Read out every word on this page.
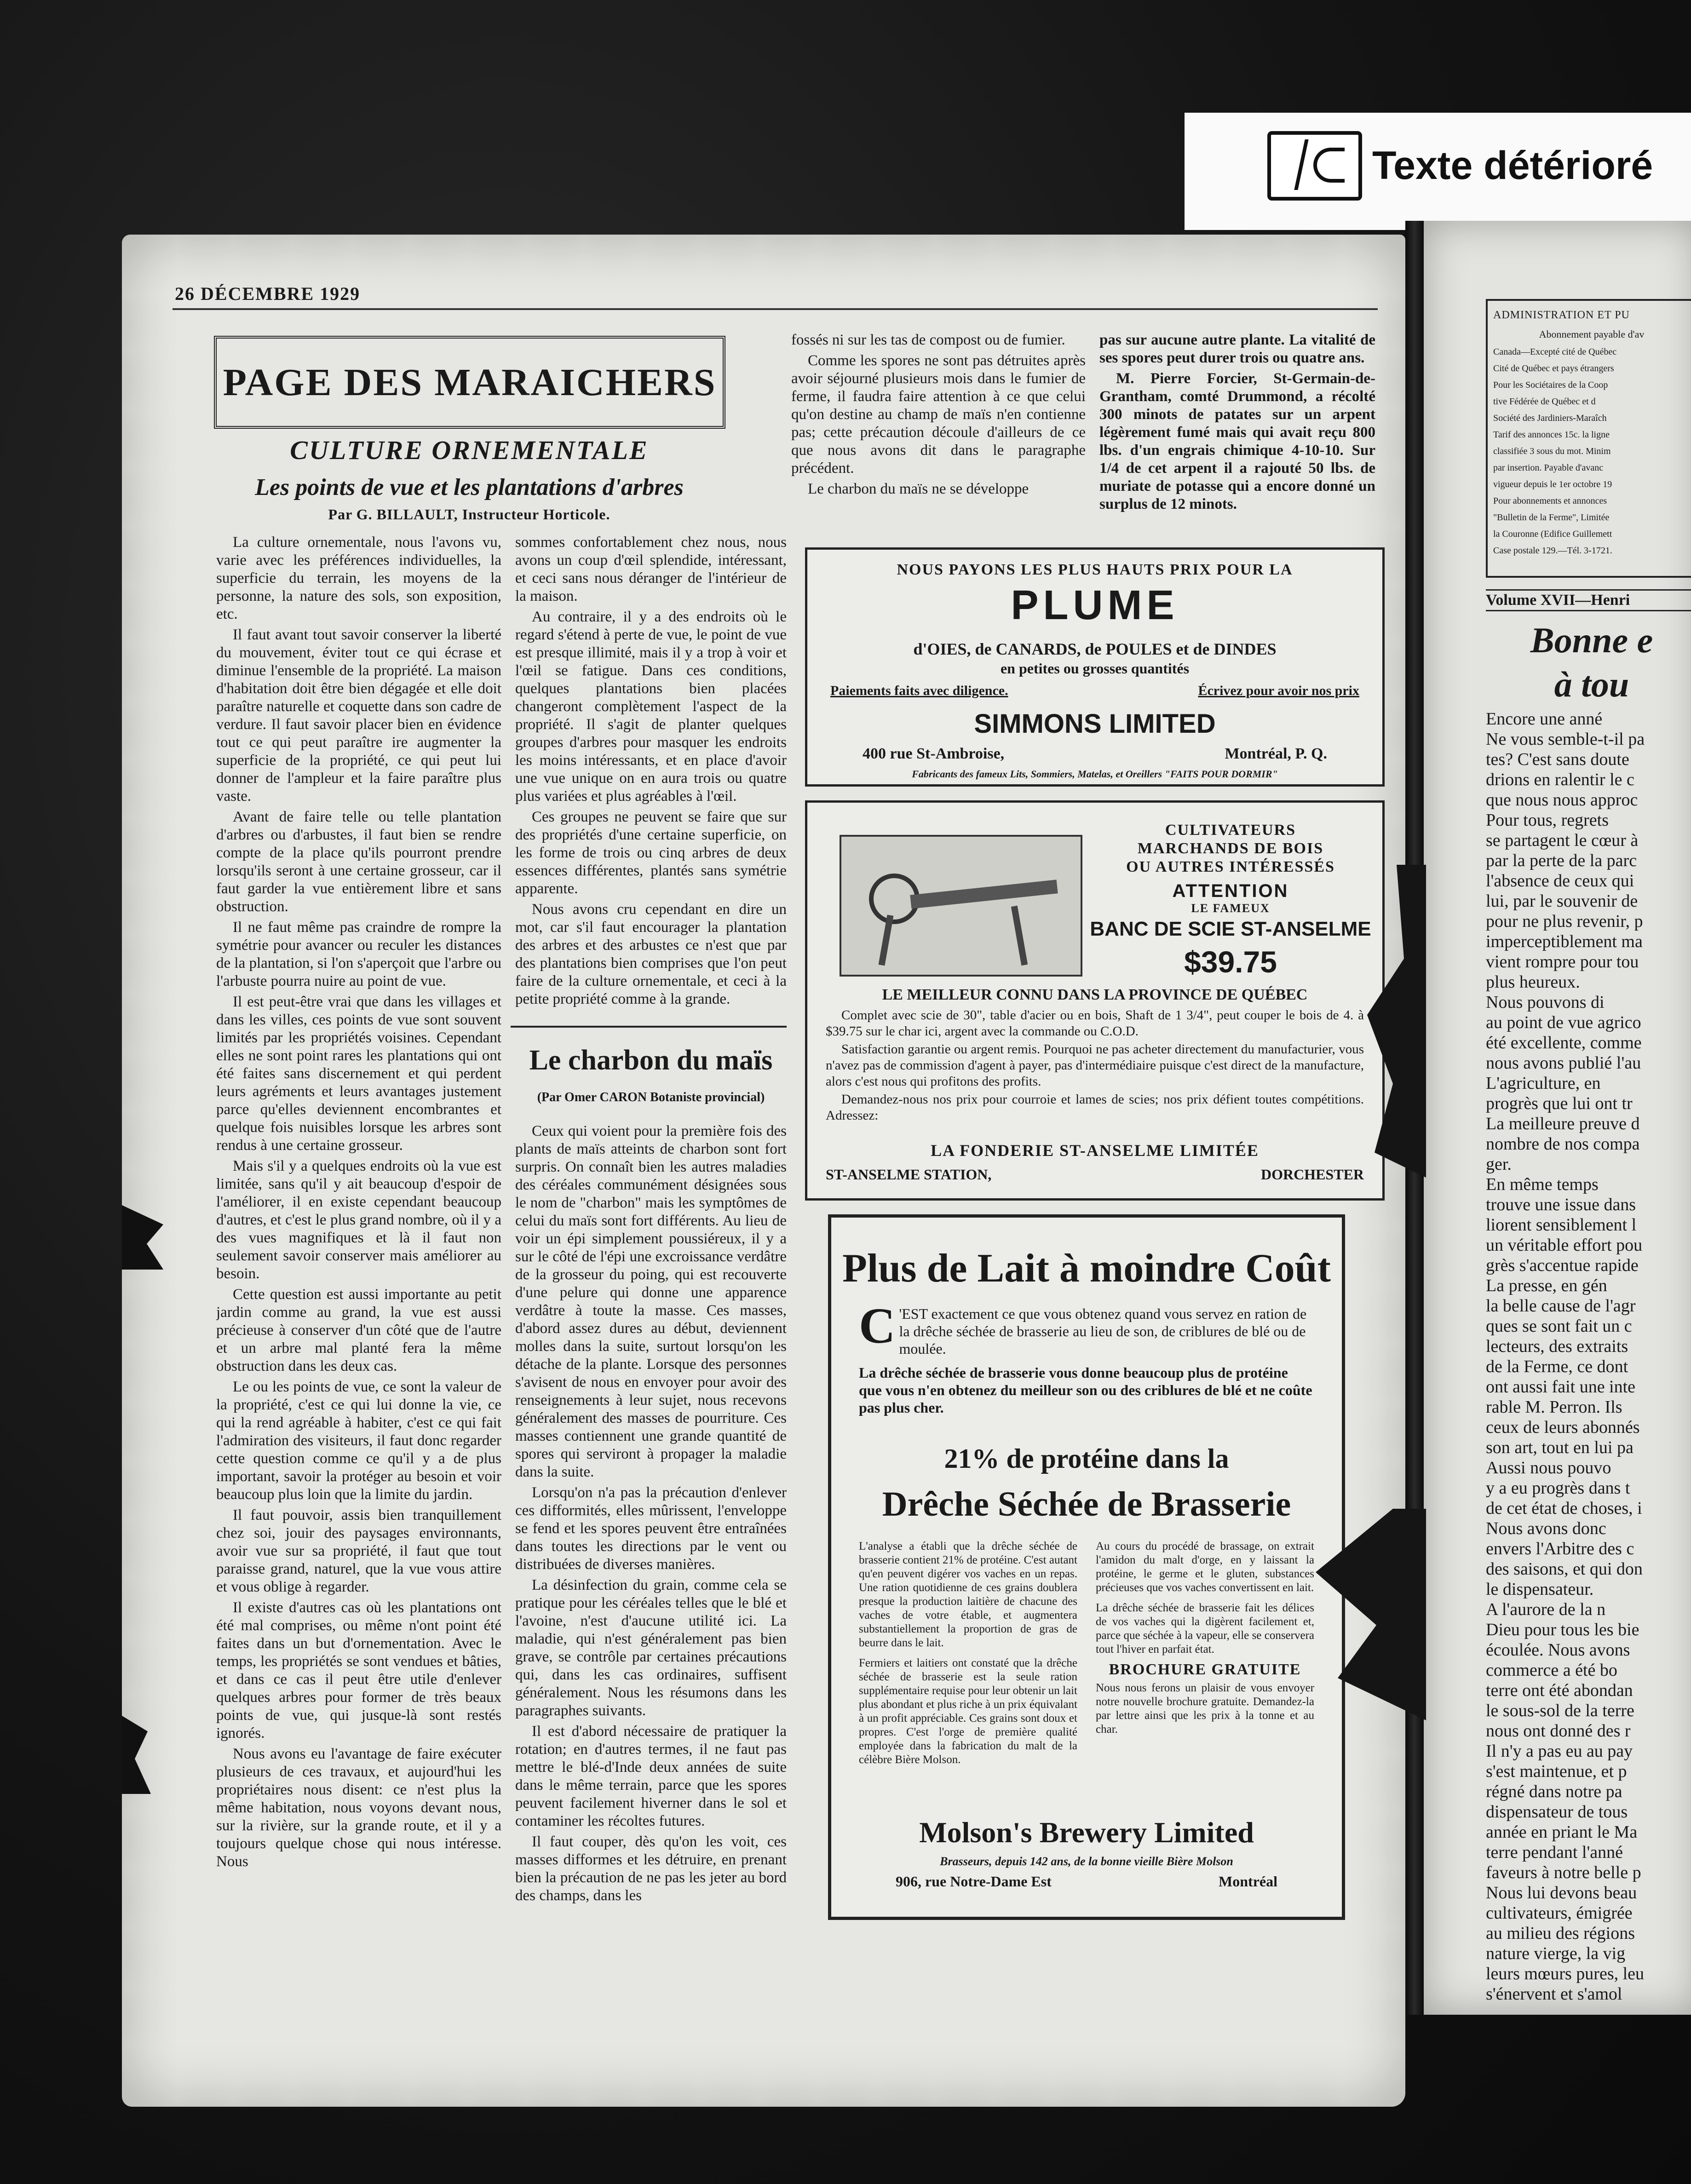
Texte détérioré
26 DÉCEMBRE 1929
PAGE DES MARAICHERS
CULTURE ORNEMENTALE
Les points de vue et les plantations d'arbres
Par G. BILLAULT, Instructeur Horticole.

La culture ornementale, nous l'avons vu, varie avec les préférences individuelles, la superficie du terrain, les moyens de la personne, la nature des sols, son exposition, etc.

Il faut avant tout savoir conserver la liberté du mouvement, éviter tout ce qui écrase et diminue l'ensemble de la propriété. La maison d'habitation doit être bien dégagée et elle doit paraître naturelle et coquette dans son cadre de verdure. Il faut savoir placer bien en évidence tout ce qui peut paraître ire augmenter la superficie de la propriété, ce qui peut lui donner de l'ampleur et la faire paraître plus vaste.

Avant de faire telle ou telle plantation d'arbres ou d'arbustes, il faut bien se rendre compte de la place qu'ils pourront prendre lorsqu'ils seront à une certaine grosseur, car il faut garder la vue entièrement libre et sans obstruction.

Il ne faut même pas craindre de rompre la symétrie pour avancer ou reculer les distances de la plantation, si l'on s'aperçoit que l'arbre ou l'arbuste pourra nuire au point de vue.

Il est peut-être vrai que dans les villages et dans les villes, ces points de vue sont souvent limités par les propriétés voisines. Cependant elles ne sont point rares les plantations qui ont été faites sans discernement et qui perdent leurs agréments et leurs avantages justement parce qu'elles deviennent encombrantes et quelque fois nuisibles lorsque les arbres sont rendus à une certaine grosseur.

Mais s'il y a quelques endroits où la vue est limitée, sans qu'il y ait beaucoup d'espoir de l'améliorer, il en existe cependant beaucoup d'autres, et c'est le plus grand nombre, où il y a des vues magnifiques et là il faut non seulement savoir conserver mais améliorer au besoin.

Cette question est aussi importante au petit jardin comme au grand, la vue est aussi précieuse à conserver d'un côté que de l'autre et un arbre mal planté fera la même obstruction dans les deux cas.

Le ou les points de vue, ce sont la valeur de la propriété, c'est ce qui lui donne la vie, ce qui la rend agréable à habiter, c'est ce qui fait l'admiration des visiteurs, il faut donc regarder cette question comme ce qu'il y a de plus important, savoir la protéger au besoin et voir beaucoup plus loin que la limite du jardin.

Il faut pouvoir, assis bien tranquillement chez soi, jouir des paysages environnants, avoir vue sur sa propriété, il faut que tout paraisse grand, naturel, que la vue vous attire et vous oblige à regarder.

Il existe d'autres cas où les plantations ont été mal comprises, ou même n'ont point été faites dans un but d'ornementation. Avec le temps, les propriétés se sont vendues et bâties, et dans ce cas il peut être utile d'enlever quelques arbres pour former de très beaux points de vue, qui jusque-là sont restés ignorés.

Nous avons eu l'avantage de faire exécuter plusieurs de ces travaux, et aujourd'hui les propriétaires nous disent: ce n'est plus la même habitation, nous voyons devant nous, sur la rivière, sur la grande route, et il y a toujours quelque chose qui nous intéresse. Nous

sommes confortablement chez nous, nous avons un coup d'œil splendide, intéressant, et ceci sans nous déranger de l'intérieur de la maison.

Au contraire, il y a des endroits où le regard s'étend à perte de vue, le point de vue est presque illimité, mais il y a trop à voir et l'œil se fatigue. Dans ces conditions, quelques plantations bien placées changeront complètement l'aspect de la propriété. Il s'agit de planter quelques groupes d'arbres pour masquer les endroits les moins intéressants, et en place d'avoir une vue unique on en aura trois ou quatre plus variées et plus agréables à l'œil.

Ces groupes ne peuvent se faire que sur des propriétés d'une certaine superficie, on les forme de trois ou cinq arbres de deux essences différentes, plantés sans symétrie apparente.

Nous avons cru cependant en dire un mot, car s'il faut encourager la plantation des arbres et des arbustes ce n'est que par des plantations bien comprises que l'on peut faire de la culture ornementale, et ceci à la petite propriété comme à la grande.

Le charbon du maïs
(Par Omer CARON Botaniste provincial)

Ceux qui voient pour la première fois des plants de maïs atteints de charbon sont fort surpris. On connaît bien les autres maladies des céréales communément désignées sous le nom de "charbon" mais les symptômes de celui du maïs sont fort différents. Au lieu de voir un épi simplement poussiéreux, il y a sur le côté de l'épi une excroissance verdâtre de la grosseur du poing, qui est recouverte d'une pelure qui donne une apparence verdâtre à toute la masse. Ces masses, d'abord assez dures au début, deviennent molles dans la suite, surtout lorsqu'on les détache de la plante. Lorsque des personnes s'avisent de nous en envoyer pour avoir des renseignements à leur sujet, nous recevons généralement des masses de pourriture. Ces masses contiennent une grande quantité de spores qui serviront à propager la maladie dans la suite.

Lorsqu'on n'a pas la précaution d'enlever ces difformités, elles mûrissent, l'enveloppe se fend et les spores peuvent être entraînées dans toutes les directions par le vent ou distribuées de diverses manières.

La désinfection du grain, comme cela se pratique pour les céréales telles que le blé et l'avoine, n'est d'aucune utilité ici. La maladie, qui n'est généralement pas bien grave, se contrôle par certaines précautions qui, dans les cas ordinaires, suffisent généralement. Nous les résumons dans les paragraphes suivants.

Il est d'abord nécessaire de pratiquer la rotation; en d'autres termes, il ne faut pas mettre le blé-d'Inde deux années de suite dans le même terrain, parce que les spores peuvent facilement hiverner dans le sol et contaminer les récoltes futures.

Il faut couper, dès qu'on les voit, ces masses difformes et les détruire, en prenant bien la précaution de ne pas les jeter au bord des champs, dans les

fossés ni sur les tas de compost ou de fumier.

Comme les spores ne sont pas détruites après avoir séjourné plusieurs mois dans le fumier de ferme, il faudra faire attention à ce que celui qu'on destine au champ de maïs n'en contienne pas; cette précaution découle d'ailleurs de ce que nous avons dit dans le paragraphe précédent.

Le charbon du maïs ne se développe

pas sur aucune autre plante. La vitalité de ses spores peut durer trois ou quatre ans.

M. Pierre Forcier, St-Germain-de-Grantham, comté Drummond, a récolté 300 minots de patates sur un arpent légèrement fumé mais qui avait reçu 800 lbs. d'un engrais chimique 4-10-10. Sur 1/4 de cet arpent il a rajouté 50 lbs. de muriate de potasse qui a encore donné un surplus de 12 minots.

NOUS PAYONS LES PLUS HAUTS PRIX POUR LA
PLUME
d'OIES, de CANARDS, de POULES et de DINDES
en petites ou grosses quantités
Paiements faits avec diligence.	Écrivez pour avoir nos prix
SIMMONS LIMITED
400 rue St-Ambroise,	Montréal, P. Q.
Fabricants des fameux Lits, Sommiers, Matelas, et Oreillers "FAITS POUR DORMIR"
CULTIVATEURS
MARCHANDS DE BOIS
OU AUTRES INTÉRESSÉS
ATTENTION
LE FAMEUX
BANC DE SCIE ST-ANSELME
$39.75
LE MEILLEUR CONNU DANS LA PROVINCE DE QUÉBEC

Complet avec scie de 30", table d'acier ou en bois, Shaft de 1 3/4", peut couper le bois de 4. à $39.75 sur le char ici, argent avec la commande ou C.O.D.

Satisfaction garantie ou argent remis. Pourquoi ne pas acheter directement du manufacturier, vous n'avez pas de commission d'agent à payer, pas d'intermédiaire puisque c'est direct de la manufacture, alors c'est nous qui profitons des profits.

Demandez-nous nos prix pour courroie et lames de scies; nos prix défient toutes compétitions. Adressez:

LA FONDERIE ST-ANSELME LIMITÉE
ST-ANSELME STATION,	DORCHESTER
Plus de Lait à moindre Coût

C 'EST exactement ce que vous obtenez quand vous servez en ration de la drêche séchée de brasserie au lieu de son, de criblures de blé ou de moulée.

La drêche séchée de brasserie vous donne beaucoup plus de protéine que vous n'en obtenez du meilleur son ou des criblures de blé et ne coûte pas plus cher.

21% de protéine dans la
Drêche Séchée de Brasserie

L'analyse a établi que la drêche séchée de brasserie contient 21% de protéine. C'est autant qu'en peuvent digérer vos vaches en un repas. Une ration quotidienne de ces grains doublera presque la production laitière de chacune des vaches de votre étable, et augmentera substantiellement la proportion de gras de beurre dans le lait.

Fermiers et laitiers ont constaté que la drêche séchée de brasserie est la seule ration supplémentaire requise pour leur obtenir un lait plus abondant et plus riche à un prix équivalant à un profit appréciable. Ces grains sont doux et propres. C'est l'orge de première qualité employée dans la fabrication du malt de la célèbre Bière Molson.

Au cours du procédé de brassage, on extrait l'amidon du malt d'orge, en y laissant la protéine, le germe et le gluten, substances précieuses que vos vaches convertissent en lait.

La drêche séchée de brasserie fait les délices de vos vaches qui la digèrent facilement et, parce que séchée à la vapeur, elle se conservera tout l'hiver en parfait état.

BROCHURE GRATUITE

Nous nous ferons un plaisir de vous envoyer notre nouvelle brochure gratuite. Demandez-la par lettre ainsi que les prix à la tonne et au char.

Molson's Brewery Limited
Brasseurs, depuis 142 ans, de la bonne vieille Bière Molson
906, rue Notre-Dame Est	Montréal
ADMINISTRATION ET PU
Abonnement payable d'av

Canada—Excepté cité de Québec

Cité de Québec et pays étrangers

Pour les Sociétaires de la Coop

tive Fédérée de Québec et d

Société des Jardiniers-Maraîch

Tarif des annonces 15c. la ligne

classifiée 3 sous du mot. Minim

par insertion. Payable d'avanc

vigueur depuis le 1er octobre 19

Pour abonnements et annonces

"Bulletin de la Ferme", Limitée

la Couronne (Edifice Guillemett

Case postale 129.—Tél. 3-1721.

Volume XVII—Henri
Bonne e
à tou

Encore une anné

Ne vous semble-t-il pa

tes? C'est sans doute

drions en ralentir le c

que nous nous approc

Pour tous, regrets

se partagent le cœur à

par la perte de la parc

l'absence de ceux qui

lui, par le souvenir de

pour ne plus revenir, p

imperceptiblement ma

vient rompre pour tou

plus heureux.

Nous pouvons di

au point de vue agrico

été excellente, comme

nous avons publié l'au

L'agriculture, en

progrès que lui ont tr

La meilleure preuve d

nombre de nos compa

ger.

En même temps

trouve une issue dans

liorent sensiblement l

un véritable effort pou

grès s'accentue rapide

La presse, en gén

la belle cause de l'agr

ques se sont fait un c

lecteurs, des extraits

de la Ferme, ce dont

ont aussi fait une inte

rable M. Perron. Ils

ceux de leurs abonnés

son art, tout en lui pa

Aussi nous pouvo

y a eu progrès dans t

de cet état de choses, i

Nous avons donc

envers l'Arbitre des c

des saisons, et qui don

le dispensateur.

A l'aurore de la n

Dieu pour tous les bie

écoulée. Nous avons

commerce a été bo

terre ont été abondan

le sous-sol de la terre

nous ont donné des r

Il n'y a pas eu au pay

s'est maintenue, et p

régné dans notre pa

dispensateur de tous

année en priant le Ma

terre pendant l'anné

faveurs à notre belle p

Nous lui devons beau

cultivateurs, émigrée

au milieu des régions

nature vierge, la vig

leurs mœurs pures, leu

s'énervent et s'amol
